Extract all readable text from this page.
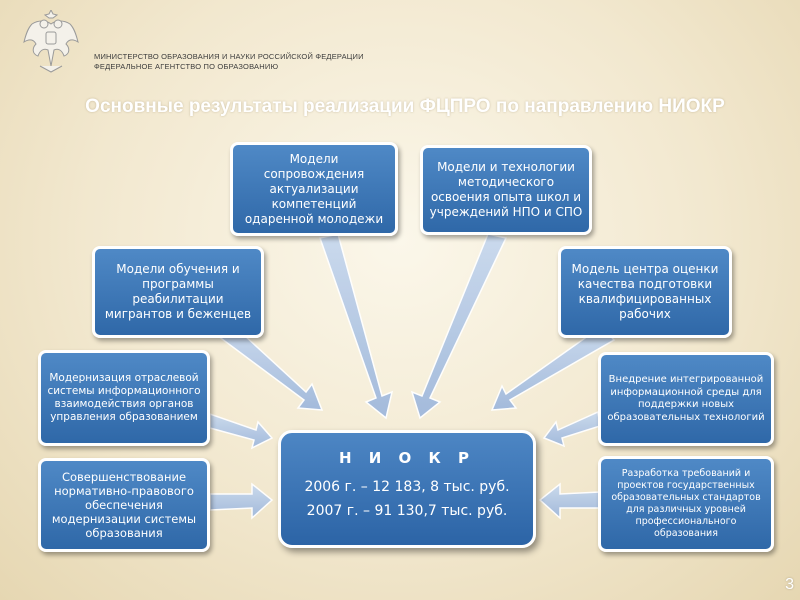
МИНИСТЕРСТВО ОБРАЗОВАНИЯ И НАУКИ РОССИЙСКОЙ ФЕДЕРАЦИИ
ФЕДЕРАЛЬНОЕ АГЕНТСТВО ПО ОБРАЗОВАНИЮ
Основные результаты реализации ФЦПРО по направлению НИОКР
Модели сопровождения актуализации компетенций одаренной молодежи
Модели и технологии методического освоения опыта школ и учреждений НПО и СПО
Модели обучения и программы реабилитации мигрантов и беженцев
Модель центра оценки качества подготовки квалифицированных рабочих
Модернизация отраслевой системы информационного взаимодействия органов управления образованием
Внедрение интегрированной информационной среды для поддержки новых образовательных технологий
Совершенствование нормативно-правового обеспечения модернизации системы образования
Разработка требований и проектов государственных образовательных стандартов для различных уровней профессионального образования
Н И О К Р
2006 г. – 12 183, 8 тыс. руб.
2007 г. – 91 130,7 тыс. руб.
3
